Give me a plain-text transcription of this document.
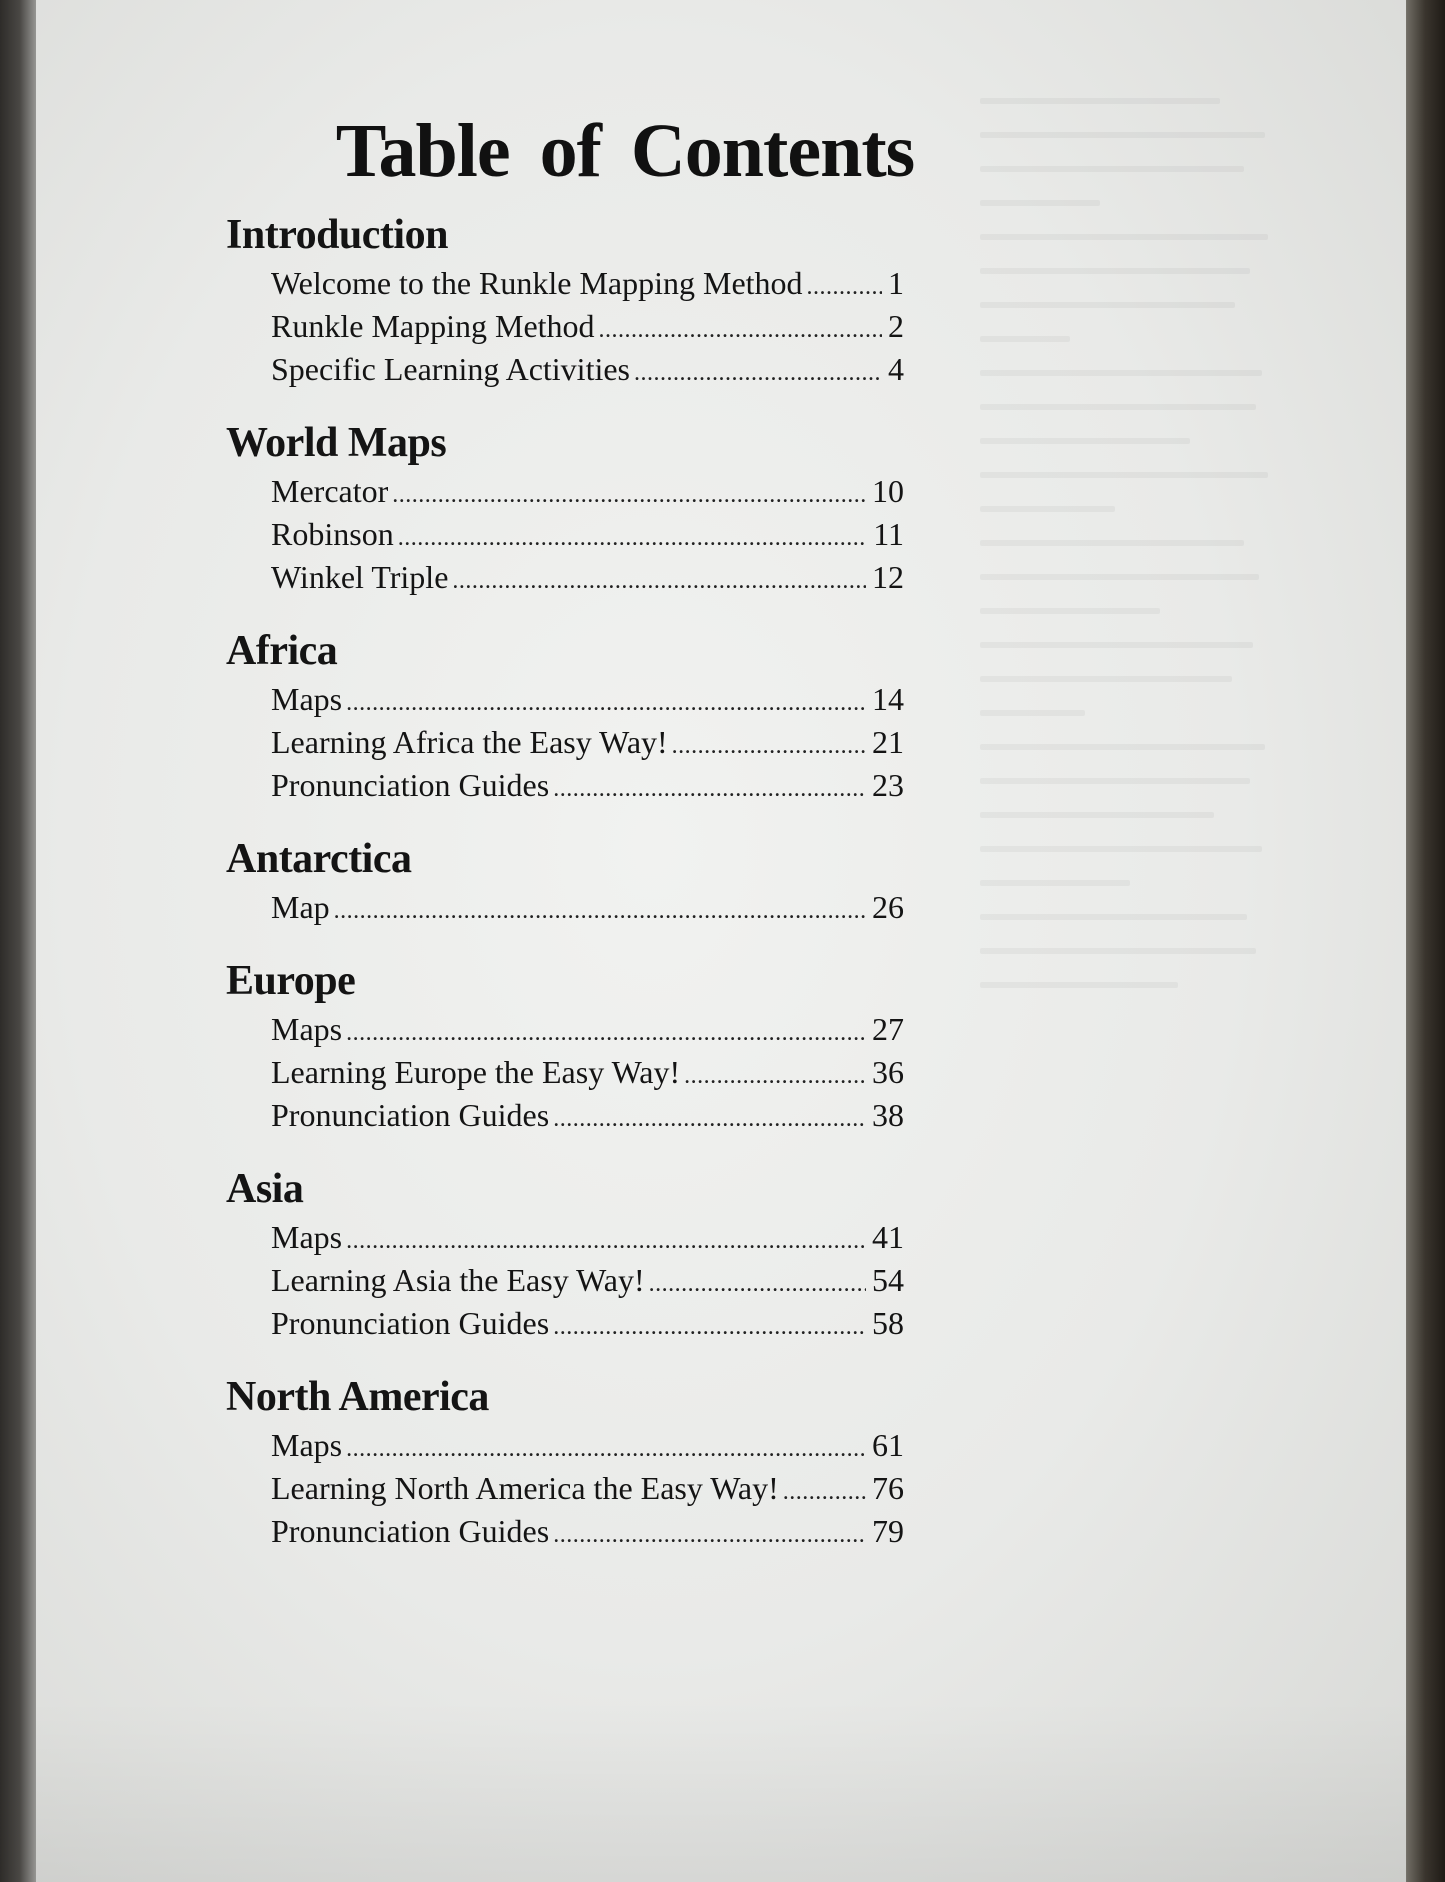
Table of Contents
Introduction
Welcome to the Runkle Mapping Method .....	1
Runkle Mapping Method .....	2
Specific Learning Activities .....	4
World Maps
Mercator .....	10
Robinson .....	11
Winkel Triple .....	12
Africa
Maps .....	14
Learning Africa the Easy Way! .....	21
Pronunciation Guides .....	23
Antarctica
Map .....	26
Europe
Maps .....	27
Learning Europe the Easy Way! .....	36
Pronunciation Guides .....	38
Asia
Maps .....	41
Learning Asia the Easy Way! .....	54
Pronunciation Guides .....	58
North America
Maps .....	61
Learning North America the Easy Way! .....	76
Pronunciation Guides .....	79
